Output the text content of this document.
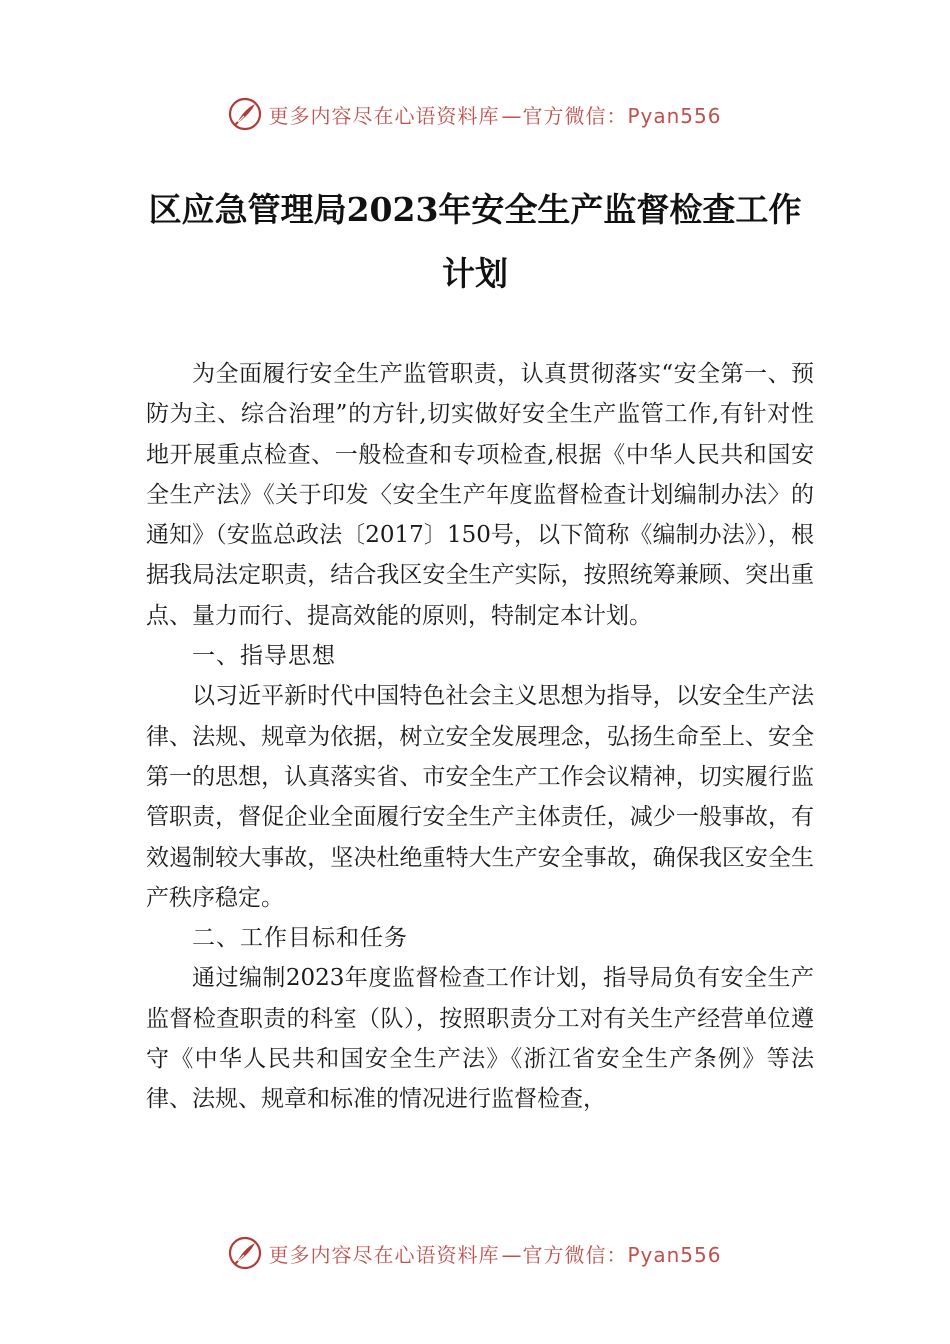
更多内容尽在心语资料库 —官方微信：Pyan556
区应急管理局2023年安全生产监督检查工作计划

为全面履行安全生产监管职责，认真贯彻落实“安全第一、预防为主、综合治理”的方针,切实做好安全生产监管工作,有针对性地开展重点检查、一般检查和专项检查,根据《中华人民共和国安全生产法》《关于印发〈安全生产年度监督检查计划编制办法〉的通知》（安监总政法〔2017〕150号，以下简称《编制办法》），根据我局法定职责，结合我区安全生产实际，按照统筹兼顾、突出重点、量力而行、提高效能的原则，特制定本计划。

一、指导思想

以习近平新时代中国特色社会主义思想为指导，以安全生产法律、法规、规章为依据，树立安全发展理念，弘扬生命至上、安全第一的思想，认真落实省、市安全生产工作会议精神，切实履行监管职责，督促企业全面履行安全生产主体责任，减少一般事故，有效遏制较大事故，坚决杜绝重特大生产安全事故，确保我区安全生产秩序稳定。

二、工作目标和任务

通过编制2023年度监督检查工作计划，指导局负有安全生产监督检查职责的科室（队），按照职责分工对有关生产经营单位遵守《中华人民共和国安全生产法》《浙江省安全生产条例》等法律、法规、规章和标准的情况进行监督检查，

更多内容尽在心语资料库 —官方微信：Pyan556
